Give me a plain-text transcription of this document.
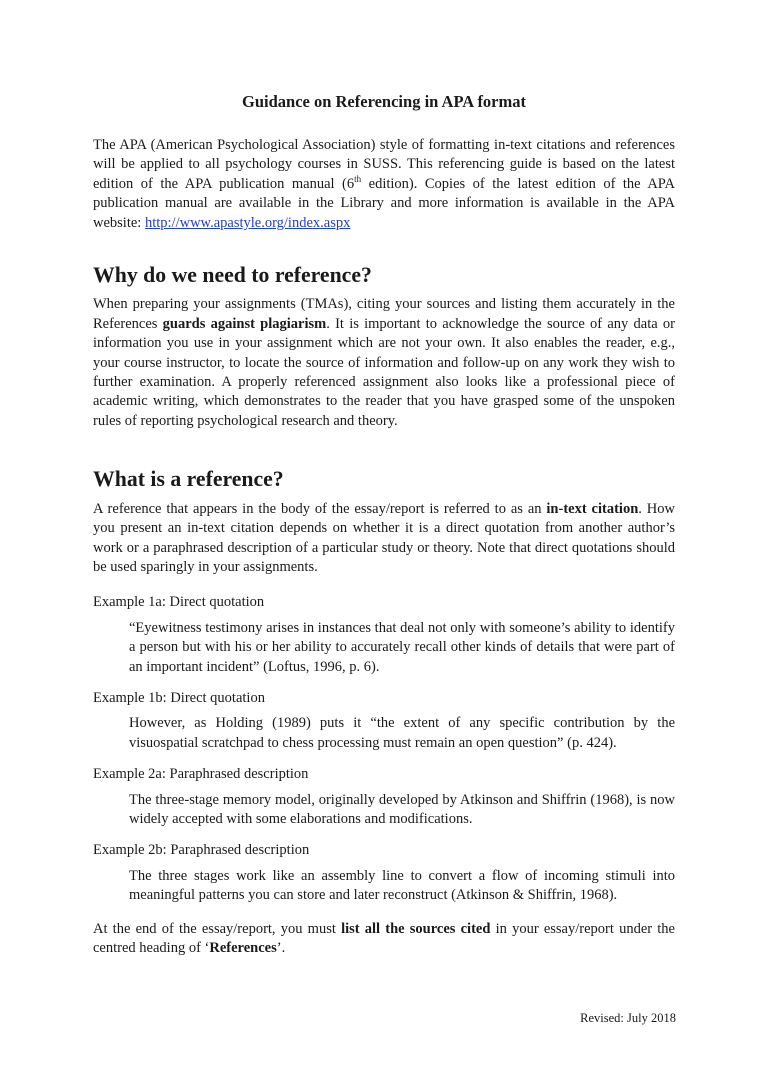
Guidance on Referencing in APA format

The APA (American Psychological Association) style of formatting in-text citations and references will be applied to all psychology courses in SUSS. This referencing guide is based on the latest edition of the APA publication manual (6th edition). Copies of the latest edition of the APA publication manual are available in the Library and more information is available in the APA website: http://www.apastyle.org/index.aspx

Why do we need to reference?

When preparing your assignments (TMAs), citing your sources and listing them accurately in the References guards against plagiarism. It is important to acknowledge the source of any data or information you use in your assignment which are not your own. It also enables the reader, e.g., your course instructor, to locate the source of information and follow-up on any work they wish to further examination. A properly referenced assignment also looks like a professional piece of academic writing, which demonstrates to the reader that you have grasped some of the unspoken rules of reporting psychological research and theory.

What is a reference?

A reference that appears in the body of the essay/report is referred to as an in-text citation. How you present an in-text citation depends on whether it is a direct quotation from another author’s work or a paraphrased description of a particular study or theory. Note that direct quotations should be used sparingly in your assignments.

Example 1a: Direct quotation

“Eyewitness testimony arises in instances that deal not only with someone’s ability to identify a person but with his or her ability to accurately recall other kinds of details that were part of an important incident” (Loftus, 1996, p. 6).

Example 1b: Direct quotation

However, as Holding (1989) puts it “the extent of any specific contribution by the visuospatial scratchpad to chess processing must remain an open question” (p. 424).

Example 2a: Paraphrased description

The three-stage memory model, originally developed by Atkinson and Shiffrin (1968), is now widely accepted with some elaborations and modifications.

Example 2b: Paraphrased description

The three stages work like an assembly line to convert a flow of incoming stimuli into meaningful patterns you can store and later reconstruct (Atkinson & Shiffrin, 1968).

At the end of the essay/report, you must list all the sources cited in your essay/report under the centred heading of ‘References’.

Revised: July 2018
